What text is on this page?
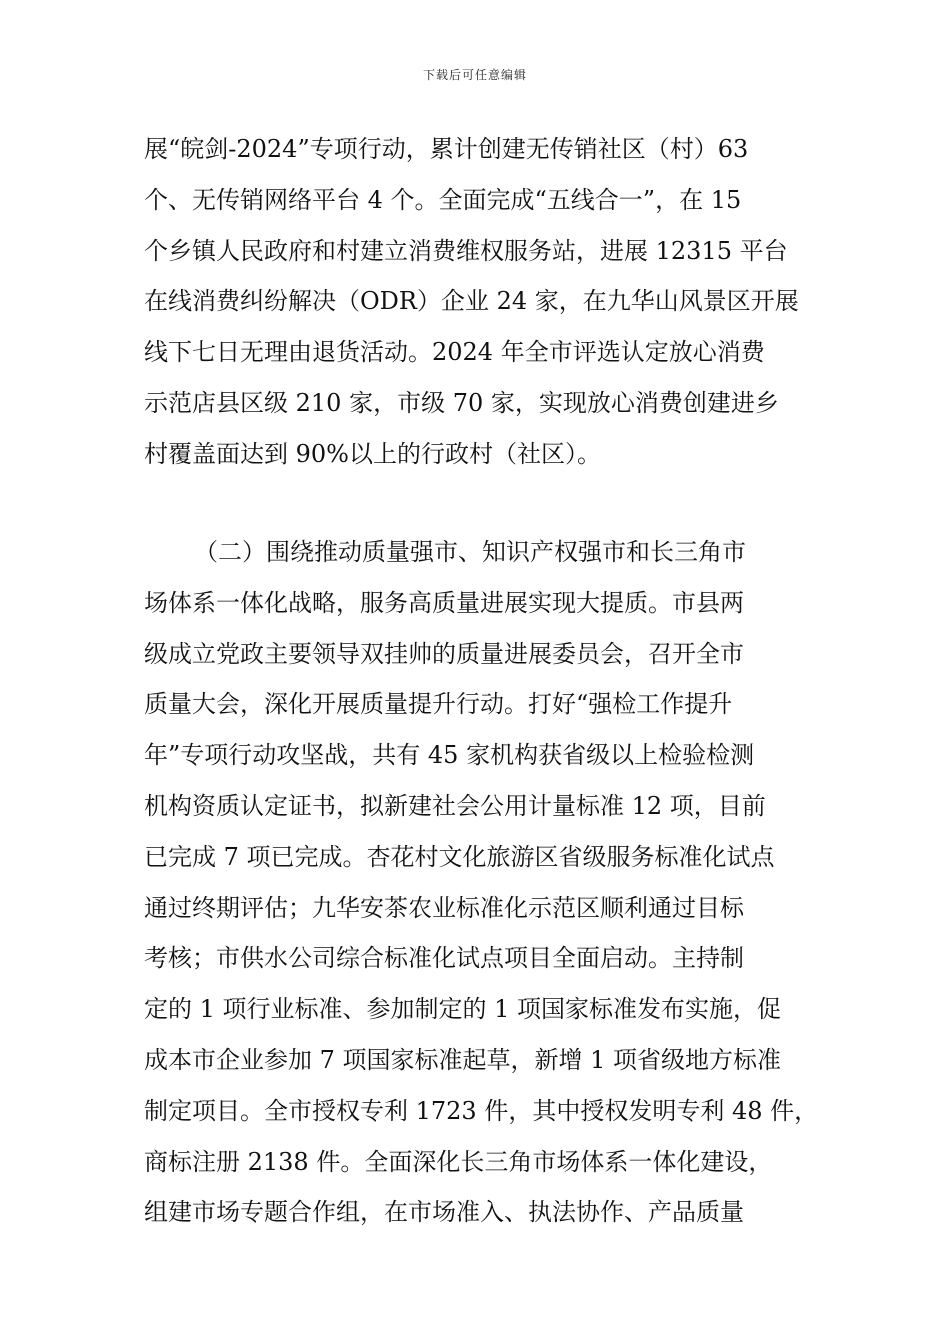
下载后可任意编辑
展“皖剑-2024”专项行动，累计创建无传销社区（村）63
个、无传销网络平台 4 个。全面完成“五线合一”，在 15
个乡镇人民政府和村建立消费维权服务站，进展 12315 平台
在线消费纠纷解决（ODR）企业 24 家，在九华山风景区开展
线下七日无理由退货活动。2024 年全市评选认定放心消费
示范店县区级 210 家，市级 70 家，实现放心消费创建进乡
村覆盖面达到 90%以上的行政村（社区）。
（二）围绕推动质量强市、知识产权强市和长三角市
场体系一体化战略，服务高质量进展实现大提质。市县两
级成立党政主要领导双挂帅的质量进展委员会，召开全市
质量大会，深化开展质量提升行动。打好“强检工作提升
年”专项行动攻坚战，共有 45 家机构获省级以上检验检测
机构资质认定证书，拟新建社会公用计量标准 12 项，目前
已完成 7 项已完成。杏花村文化旅游区省级服务标准化试点
通过终期评估；九华安茶农业标准化示范区顺利通过目标
考核；市供水公司综合标准化试点项目全面启动。主持制
定的 1 项行业标准、参加制定的 1 项国家标准发布实施，促
成本市企业参加 7 项国家标准起草，新增 1 项省级地方标准
制定项目。全市授权专利 1723 件，其中授权发明专利 48 件，
商标注册 2138 件。全面深化长三角市场体系一体化建设，
组建市场专题合作组，在市场准入、执法协作、产品质量
